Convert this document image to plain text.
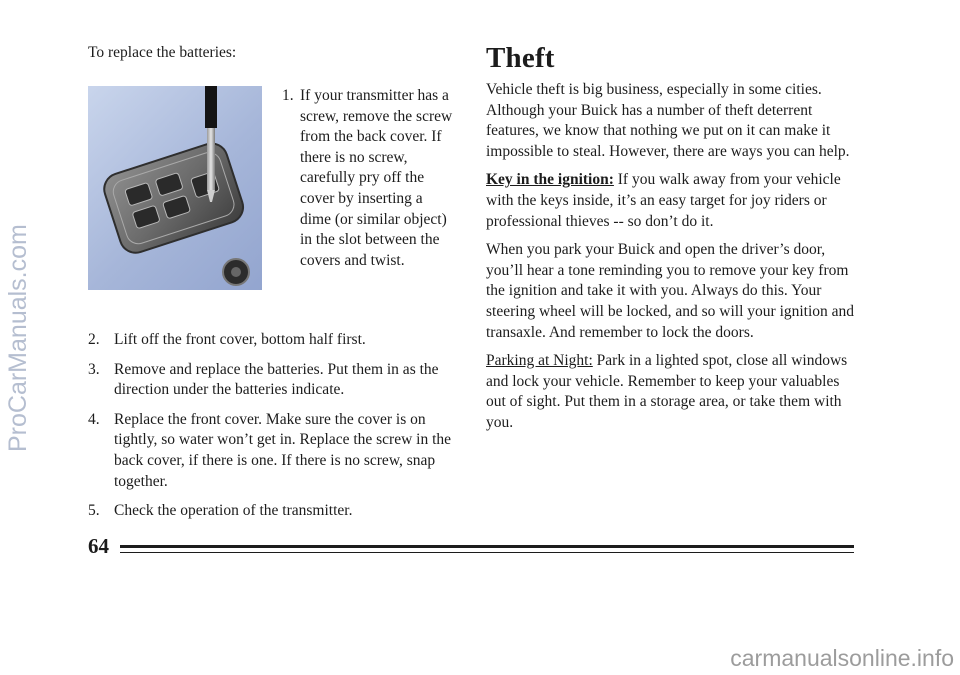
To replace the batteries:

1. If your transmitter has a screw, remove the screw from the back cover. If there is no screw, carefully pry off the cover by inserting a dime (or similar object) in the slot between the covers and twist.
2. Lift off the front cover, bottom half first.
3. Remove and replace the batteries. Put them in as the direction under the batteries indicate.
4. Replace the front cover. Make sure the cover is on tightly, so water won’t get in. Replace the screw in the back cover, if there is one. If there is no screw, snap together.
5. Check the operation of the transmitter.
Theft

Vehicle theft is big business, especially in some cities. Although your Buick has a number of theft deterrent features, we know that nothing we put on it can make it impossible to steal. However, there are ways you can help.

Key in the ignition: If you walk away from your vehicle with the keys inside, it’s an easy target for joy riders or professional thieves -- so don’t do it.

When you park your Buick and open the driver’s door, you’ll hear a tone reminding you to remove your key from the ignition and take it with you. Always do this. Your steering wheel will be locked, and so will your ignition and transaxle. And remember to lock the doors.

Parking at Night: Park in a lighted spot, close all windows and lock your vehicle. Remember to keep your valuables out of sight. Put them in a storage area, or take them with you.

64

ProCarManuals.com

carmanualsonline.info
